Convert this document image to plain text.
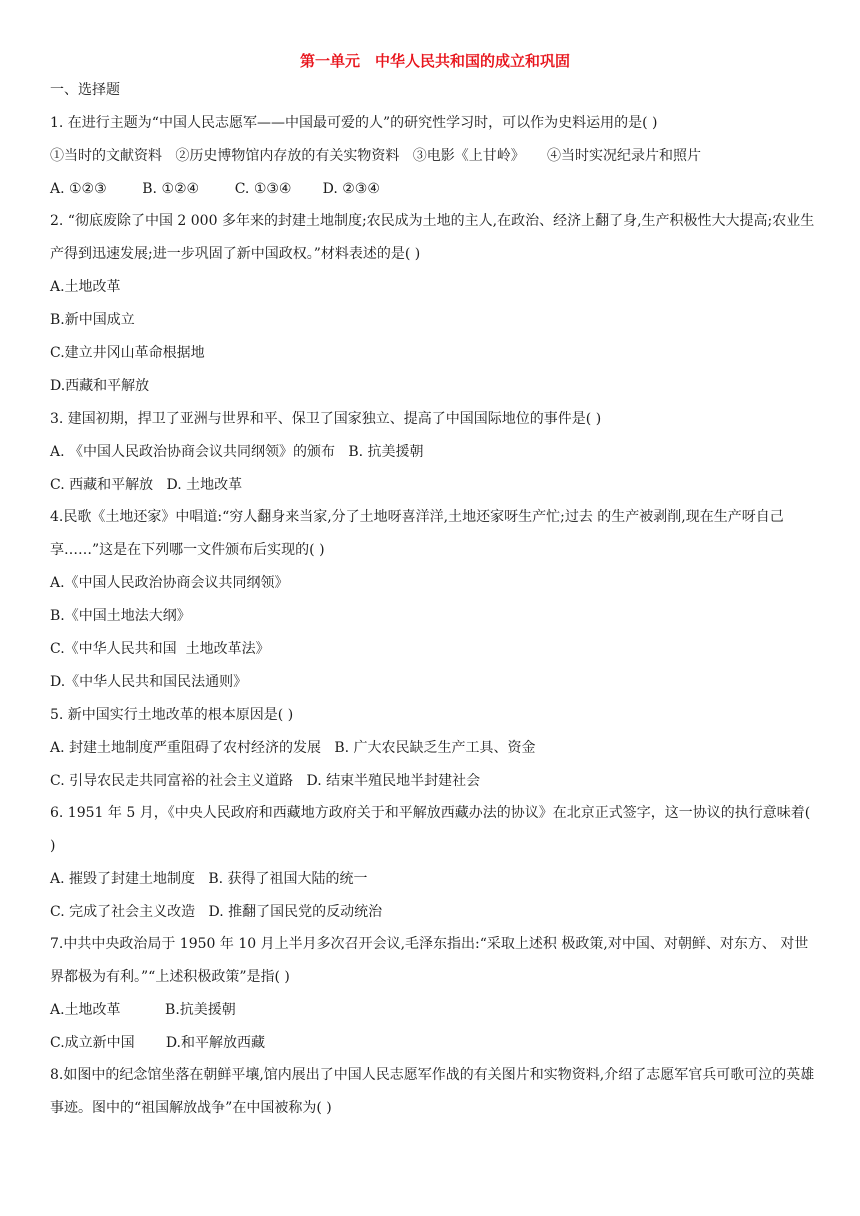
第一单元　中华人民共和国的成立和巩固
一、选择题
1. 在进行主题为“中国人民志愿军——中国最可爱的人”的研究性学习时，可以作为史料运用的是( )
①当时的文献资料   ②历史博物馆内存放的有关实物资料   ③电影《上甘岭》     ④当时实况纪录片和照片
A. ①②③        B. ①②④        C. ①③④       D. ②③④
2. “彻底废除了中国 2 000 多年来的封建土地制度;农民成为土地的主人,在政治、经济上翻了身,生产积极性大大提高;农业生产得到迅速发展;进一步巩固了新中国政权。”材料表述的是( )
A.土地改革
B.新中国成立
C.建立井冈山革命根据地
D.西藏和平解放
3. 建国初期，捍卫了亚洲与世界和平、保卫了国家独立、提高了中国国际地位的事件是( )
A. 《中国人民政治协商会议共同纲领》的颁布   B. 抗美援朝
C. 西藏和平解放   D. 土地改革
4.民歌《土地还家》中唱道:“穷人翻身来当家,分了土地呀喜洋洋,土地还家呀生产忙;过去 的生产被剥削,现在生产呀自己享……”这是在下列哪一文件颁布后实现的( )
A.《中国人民政治协商会议共同纲领》
B.《中国土地法大纲》
C.《中华人民共和国  土地改革法》
D.《中华人民共和国民法通则》
5. 新中国实行土地改革的根本原因是( )
A. 封建土地制度严重阻碍了农村经济的发展   B. 广大农民缺乏生产工具、资金
C. 引导农民走共同富裕的社会主义道路   D. 结束半殖民地半封建社会
6. 1951 年 5 月，《中央人民政府和西藏地方政府关于和平解放西藏办法的协议》在北京正式签字，这一协议的执行意味着( )
A. 摧毁了封建土地制度   B. 获得了祖国大陆的统一
C. 完成了社会主义改造   D. 推翻了国民党的反动统治
7.中共中央政治局于 1950 年 10 月上半月多次召开会议,毛泽东指出:“采取上述积 极政策,对中国、对朝鲜、对东方、 对世界都极为有利。”“上述积极政策”是指( )
A.土地改革          B.抗美援朝
C.成立新中国       D.和平解放西藏
8.如图中的纪念馆坐落在朝鲜平壤,馆内展出了中国人民志愿军作战的有关图片和实物资料,介绍了志愿军官兵可歌可泣的英雄事迹。图中的“祖国解放战争”在中国被称为( )
